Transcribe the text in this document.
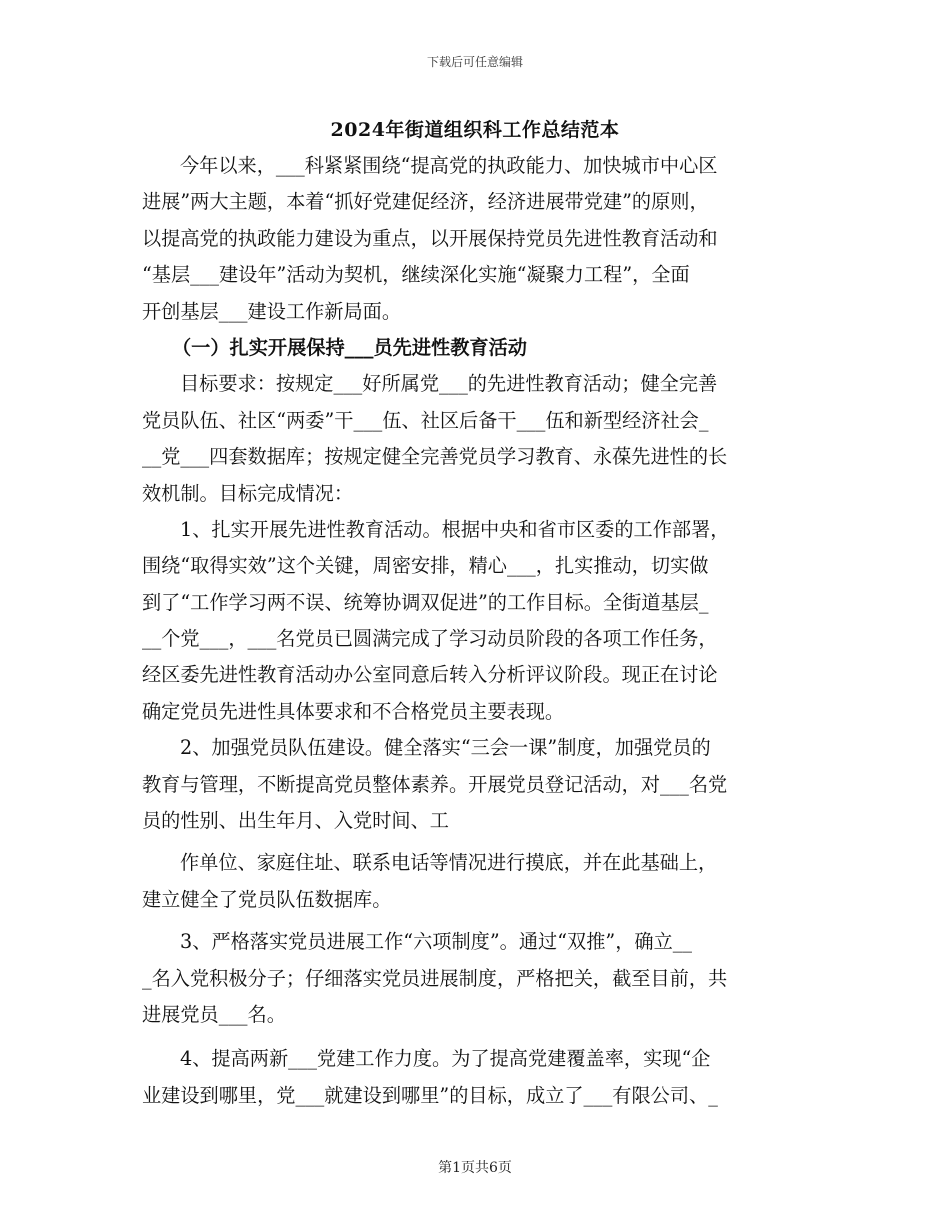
下载后可任意编辑
2024年街道组织科工作总结范本
今年以来，___科紧紧围绕“提高党的执政能力、加快城市中心区
进展”两大主题，本着“抓好党建促经济，经济进展带党建”的原则，
以提高党的执政能力建设为重点，以开展保持党员先进性教育活动和
“基层___建设年”活动为契机，继续深化实施“凝聚力工程”，全面
开创基层___建设工作新局面。
（一）扎实开展保持___员先进性教育活动
目标要求：按规定___好所属党___的先进性教育活动；健全完善
党员队伍、社区“两委”干___伍、社区后备干___伍和新型经济社会_
__党___四套数据库；按规定健全完善党员学习教育、永葆先进性的长
效机制。目标完成情况：
1、扎实开展先进性教育活动。根据中央和省市区委的工作部署，
围绕“取得实效”这个关键，周密安排，精心___，扎实推动，切实做
到了“工作学习两不误、统筹协调双促进”的工作目标。全街道基层_
__个党___，___名党员已圆满完成了学习动员阶段的各项工作任务，
经区委先进性教育活动办公室同意后转入分析评议阶段。现正在讨论
确定党员先进性具体要求和不合格党员主要表现。
2、加强党员队伍建设。健全落实“三会一课”制度，加强党员的
教育与管理，不断提高党员整体素养。开展党员登记活动，对___名党
员的性别、出生年月、入党时间、工
作单位、家庭住址、联系电话等情况进行摸底，并在此基础上，
建立健全了党员队伍数据库。
3、严格落实党员进展工作“六项制度”。通过“双推”，确立__
_名入党积极分子；仔细落实党员进展制度，严格把关，截至目前，共
进展党员___名。
4、提高两新___党建工作力度。为了提高党建覆盖率，实现“企
业建设到哪里，党___就建设到哪里”的目标，成立了___有限公司、_
第1页共6页
